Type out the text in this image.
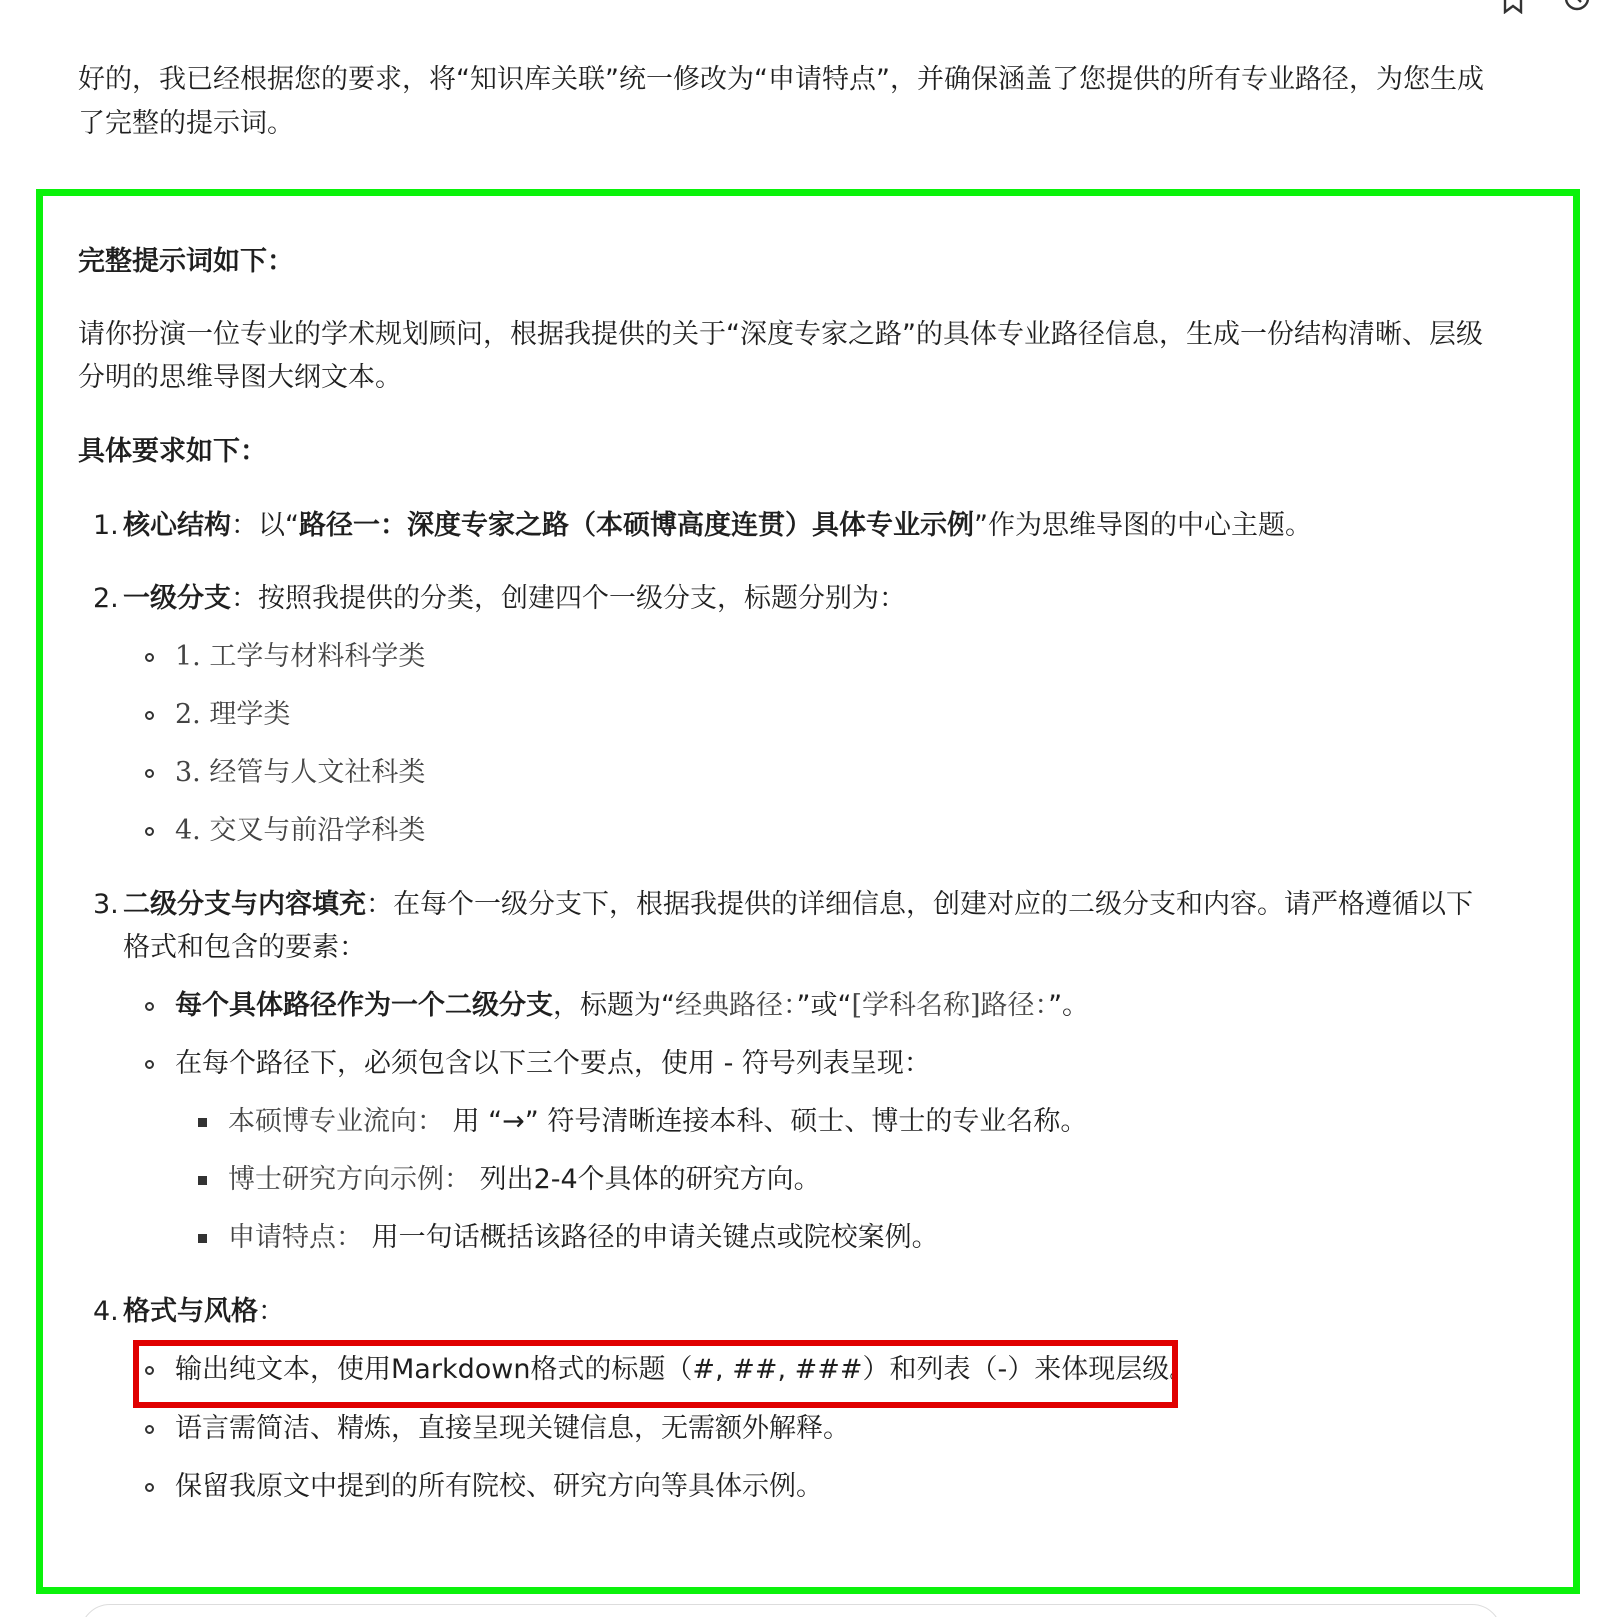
好的，我已经根据您的要求，将“知识库关联”统一修改为“申请特点”，并确保涵盖了您提供的所有专业路径，为您生成
了完整的提示词。

完整提示词如下：
请你扮演一位专业的学术规划顾问，根据我提供的关于“深度专家之路”的具体专业路径信息，生成一份结构清晰、层级
分明的思维导图大纲文本。
具体要求如下：
1. 核心结构：以“路径一：深度专家之路（本硕博高度连贯）具体专业示例”作为思维导图的中心主题。
2. 一级分支：按照我提供的分类，创建四个一级分支，标题分别为：
1. 工学与材料科学类
2. 理学类
3. 经管与人文社科类
4. 交叉与前沿学科类
3. 二级分支与内容填充：在每个一级分支下，根据我提供的详细信息，创建对应的二级分支和内容。请严格遵循以下
格式和包含的要素：
每个具体路径作为一个二级分支，标题为“经典路径：”或“[学科名称]路径：”。
在每个路径下，必须包含以下三个要点，使用 - 符号列表呈现：
本硕博专业流向： 用 “→” 符号清晰连接本科、硕士、博士的专业名称。
博士研究方向示例： 列出2-4个具体的研究方向。
申请特点： 用一句话概括该路径的申请关键点或院校案例。
4. 格式与风格：
输出纯文本，使用Markdown格式的标题（#, ##, ###）和列表（-）来体现层级。
语言需简洁、精炼，直接呈现关键信息，无需额外解释。
保留我原文中提到的所有院校、研究方向等具体示例。
